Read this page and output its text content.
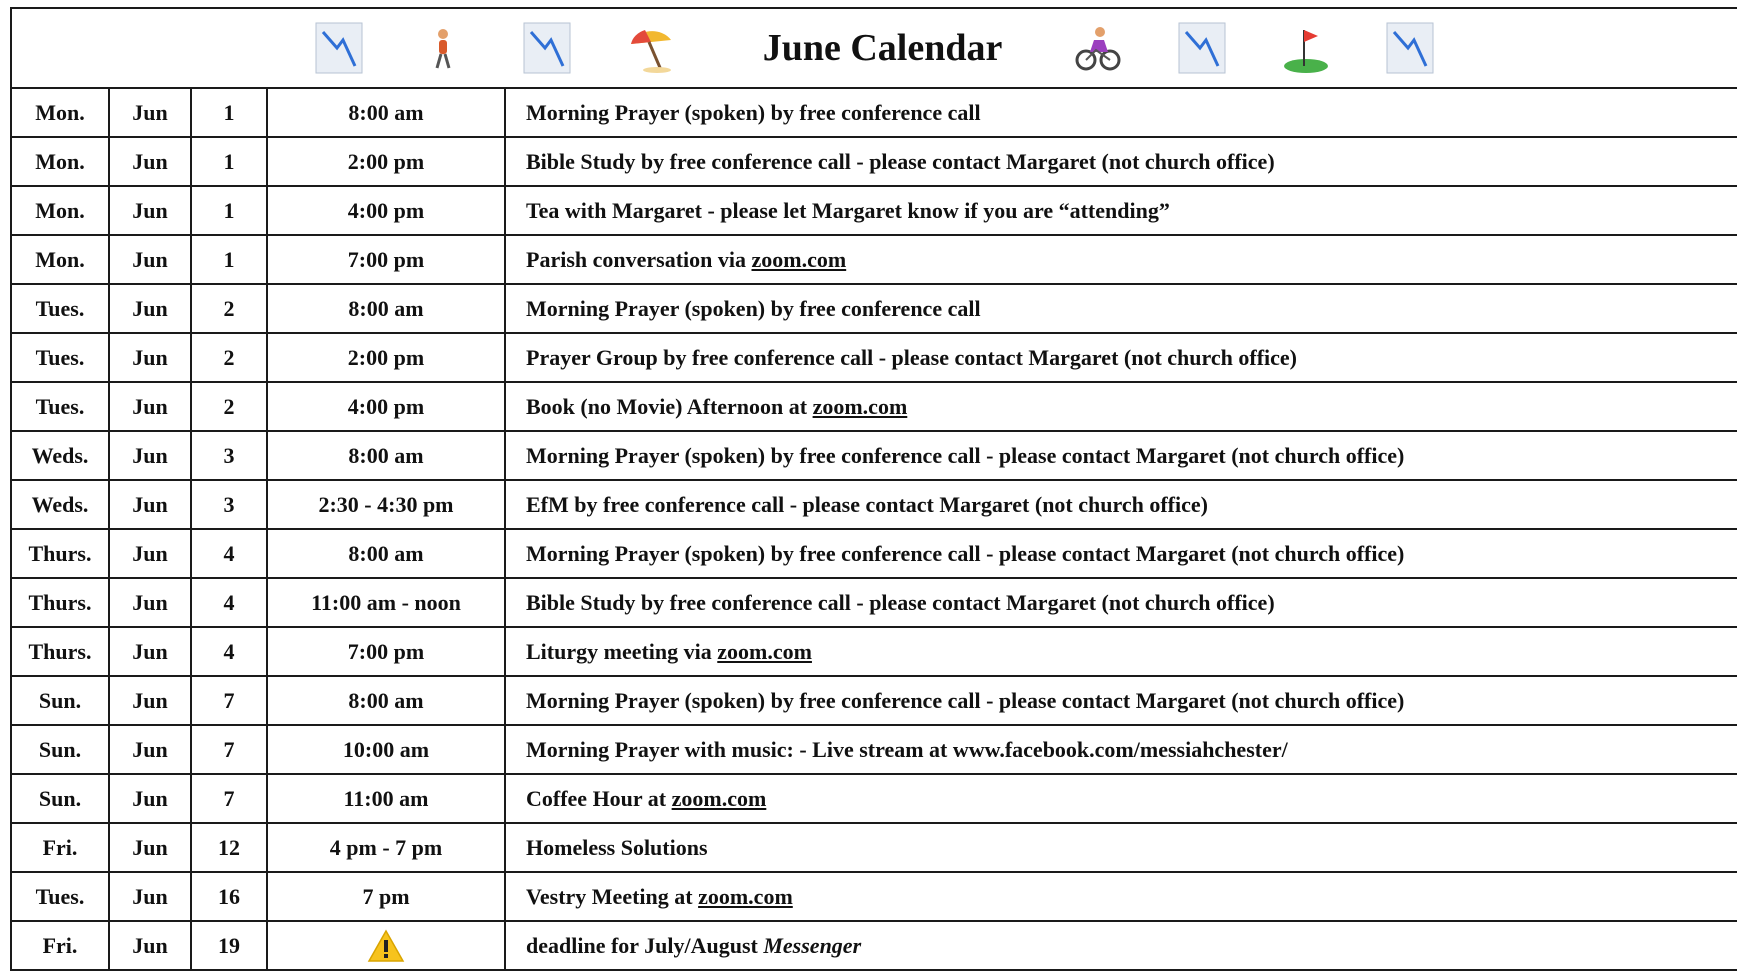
June Calendar				

Mon.	Jun	1	8:00 am	Morning Prayer (spoken) by free conference call
Mon.	Jun	1	2:00 pm	Bible Study by free conference call - please contact Margaret (not church office)
Mon.	Jun	1	4:00 pm	Tea with Margaret - please let Margaret know if you are “attending”
Mon.	Jun	1	7:00 pm	Parish conversation via zoom.com
Tues.	Jun	2	8:00 am	Morning Prayer (spoken) by free conference call
Tues.	Jun	2	2:00 pm	Prayer Group by free conference call - please contact Margaret (not church office)
Tues.	Jun	2	4:00 pm	Book (no Movie) Afternoon at zoom.com
Weds.	Jun	3	8:00 am	Morning Prayer (spoken) by free conference call - please contact Margaret (not church office)
Weds.	Jun	3	2:30 - 4:30 pm	EfM by free conference call - please contact Margaret (not church office)
Thurs.	Jun	4	8:00 am	Morning Prayer (spoken) by free conference call - please contact Margaret (not church office)
Thurs.	Jun	4	11:00 am - noon	Bible Study by free conference call - please contact Margaret (not church office)
Thurs.	Jun	4	7:00 pm	Liturgy meeting via zoom.com
Sun.	Jun	7	8:00 am	Morning Prayer (spoken) by free conference call - please contact Margaret (not church office)
Sun.	Jun	7	10:00 am	Morning Prayer with music: - Live stream at www.facebook.com/messiahchester/
Sun.	Jun	7	11:00 am	Coffee Hour at zoom.com
Fri.	Jun	12	4 pm - 7 pm	Homeless Solutions
Tues.	Jun	16	7 pm	Vestry Meeting at zoom.com
Fri.	Jun	19		deadline for July/August Messenger
